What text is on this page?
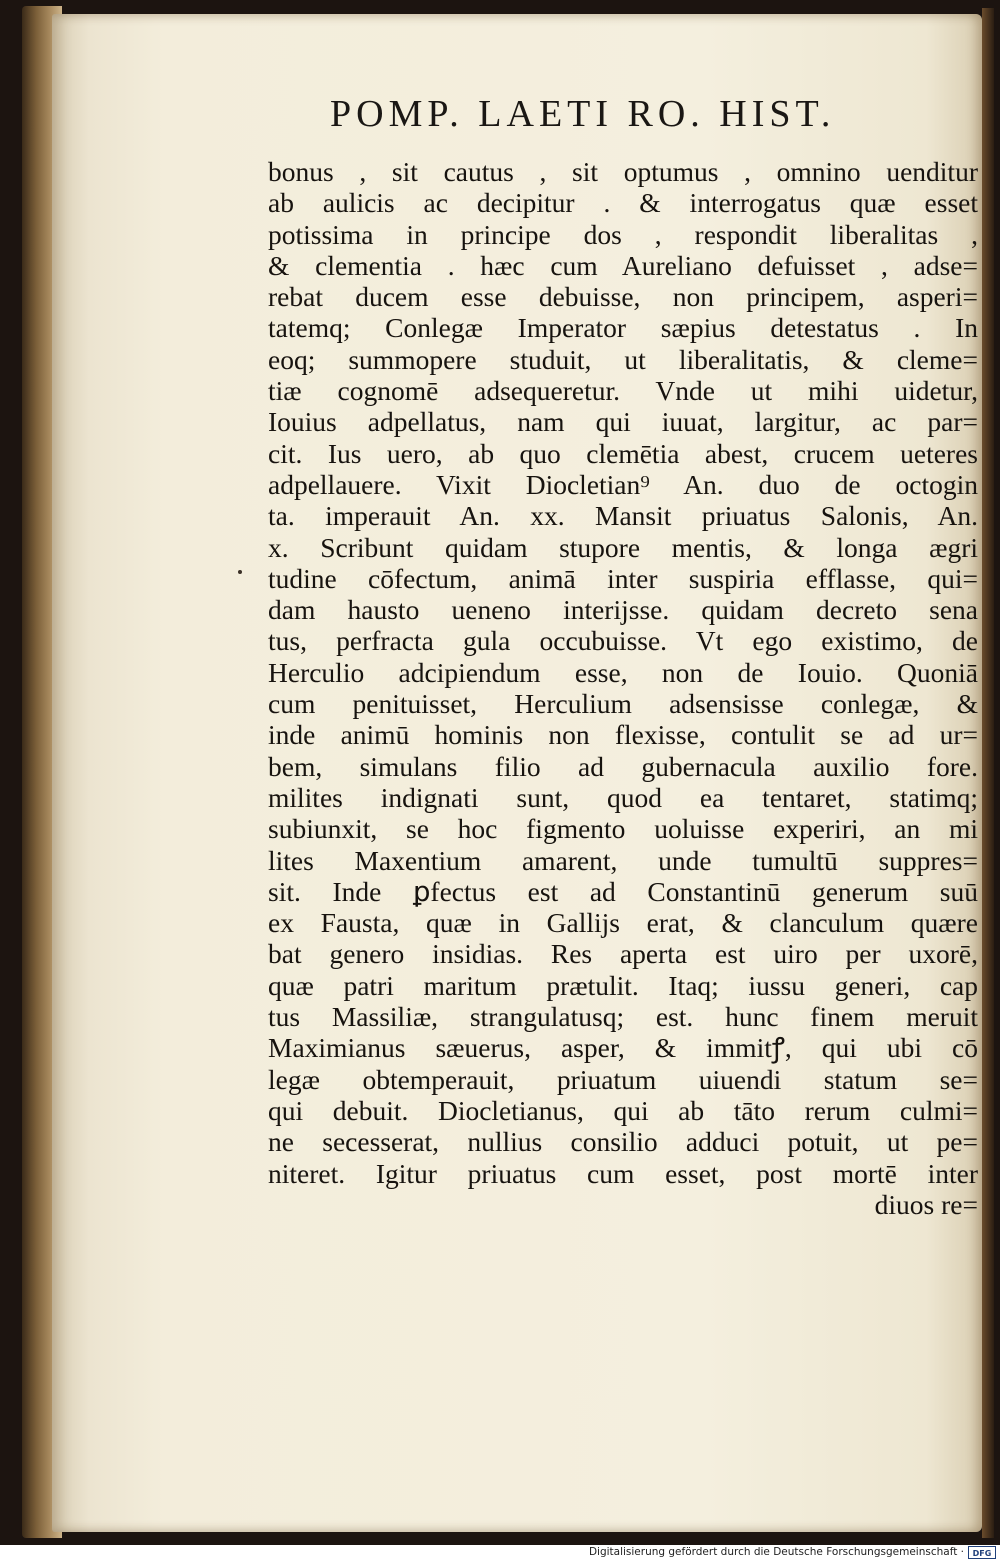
POMP. LAETI RO. HIST.
bonus , sit cautus , sit optumus , omnino uenditur
ab aulicis ac decipitur . & interrogatus quæ esset
potissima in principe dos , respondit liberalitas ,
& clementia . hæc cum Aureliano defuisset , adse=
rebat ducem esse debuisse, non principem, asperi=
tatemq; Conlegæ Imperator sæpius detestatus . In
eoq; summopere studuit, ut liberalitatis, & cleme=
tiæ cognomē adsequeretur. Vnde ut mihi uidetur,
Iouius adpellatus, nam qui iuuat, largitur, ac par=
cit. Ius uero, ab quo clemētia abest, crucem ueteres
adpellauere. Vixit Diocletian⁹ An. duo de octogin
ta. imperauit An. xx. Mansit priuatus Salonis, An.
x. Scribunt quidam stupore mentis, & longa ægri
tudine cōfectum, animā inter suspiria efflasse, qui=
dam hausto ueneno interijsse. quidam decreto sena
tus, perfracta gula occubuisse. Vt ego existimo, de
Herculio adcipiendum esse, non de Iouio. Quoniā
cum penituisset, Herculium adsensisse conlegæ, &
inde animū hominis non flexisse, contulit se ad ur=
bem, simulans filio ad gubernacula auxilio fore.
milites indignati sunt, quod ea tentaret, statimq;
subiunxit, se hoc figmento uoluisse experiri, an mi
lites Maxentium amarent, unde tumultū suppres=
sit. Inde ꝑfectus est ad Constantinū generum suū
ex Fausta, quæ in Gallijs erat, & clanculum quære
bat genero insidias. Res aperta est uiro per uxorē,
quæ patri maritum prætulit. Itaq; iussu generi, cap
tus Massiliæ, strangulatusq; est. hunc finem meruit
Maximianus sæuerus, asper, & immitꝭ, qui ubi cō
legæ obtemperauit, priuatum uiuendi statum se=
qui debuit. Diocletianus, qui ab tāto rerum culmi=
ne secesserat, nullius consilio adduci potuit, ut pe=
niteret. Igitur priuatus cum esset, post mortē inter
diuos re=
Digitalisierung gefördert durch die Deutsche Forschungsgemeinschaft ·	DFG
